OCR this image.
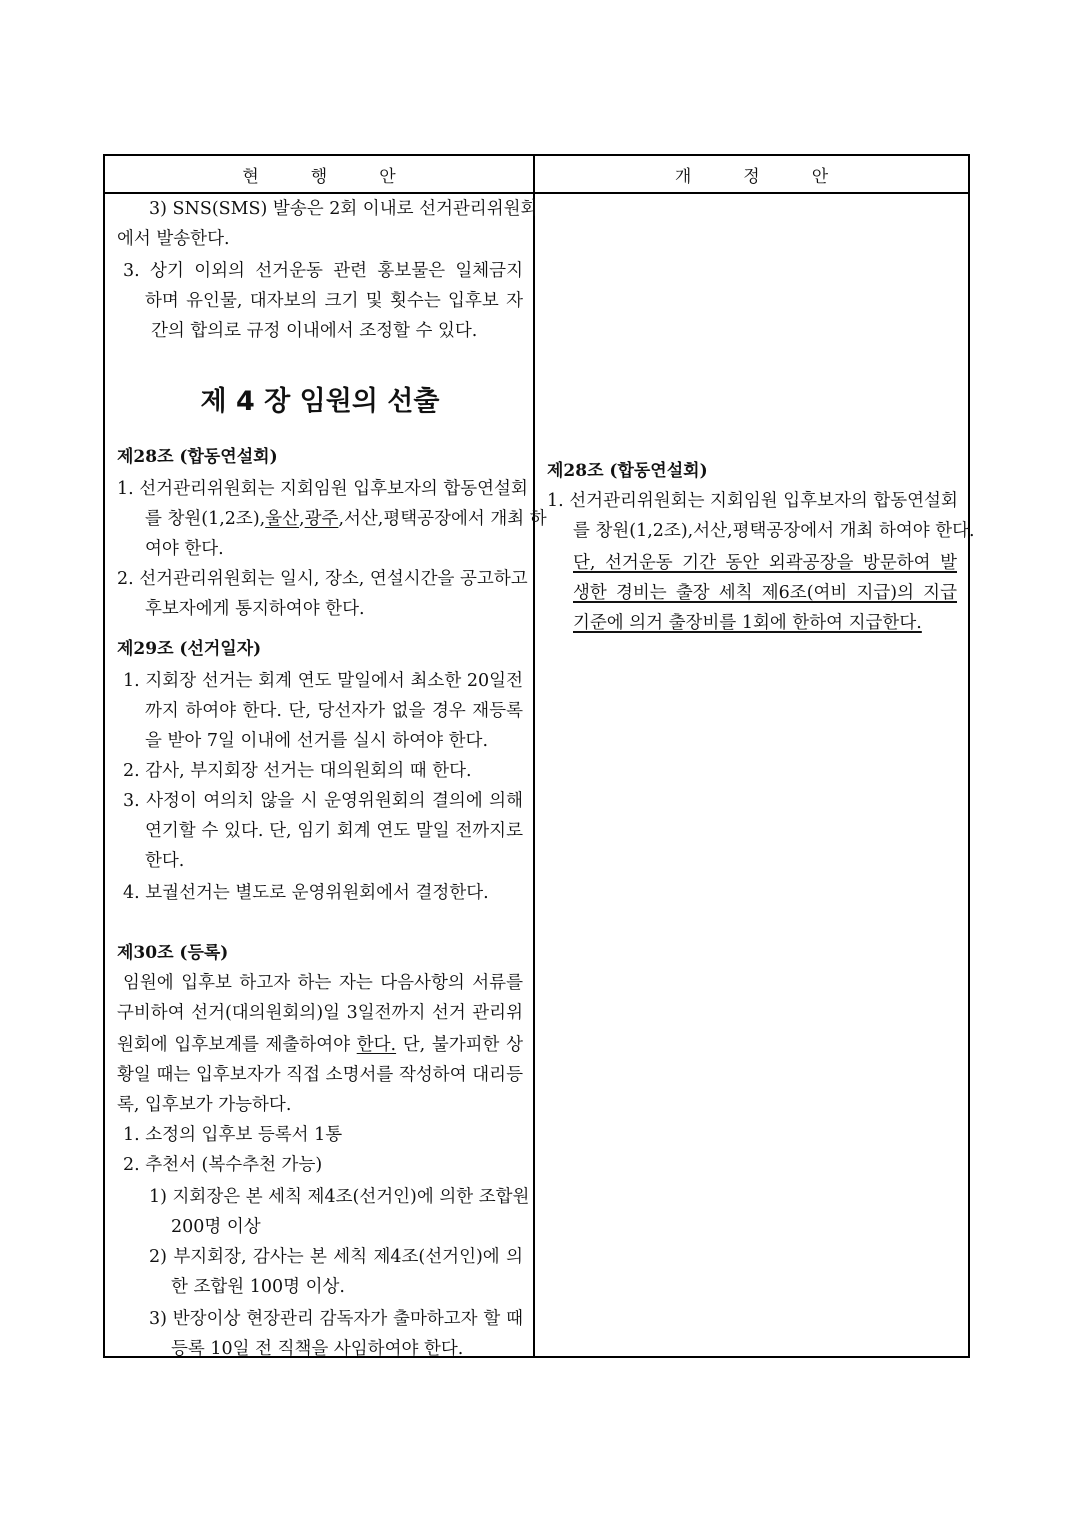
현	행	안	개	정	안
3) SNS(SMS) 발송은 2회 이내로 선거관리위원회
에서 발송한다.
3. 상기 이외의 선거운동 관련 홍보물은 일체금지
하며 유인물, 대자보의 크기 및 횟수는 입후보 자
간의 합의로 규정 이내에서 조정할 수 있다.
제 4 장 임원의 선출
제28조 (합동연설회)
1. 선거관리위원회는 지회임원 입후보자의 합동연설회
를 창원(1,2조),울산,광주,서산,평택공장에서 개최 하
여야 한다.
2. 선거관리위원회는 일시, 장소, 연설시간을 공고하고
후보자에게 통지하여야 한다.
제29조 (선거일자)
1. 지회장 선거는 회계 연도 말일에서 최소한 20일전
까지 하여야 한다. 단, 당선자가 없을 경우 재등록
을 받아 7일 이내에 선거를 실시 하여야 한다.
2. 감사, 부지회장 선거는 대의원회의 때 한다.
3. 사정이 여의치 않을 시 운영위원회의 결의에 의해
연기할 수 있다. 단, 임기 회계 연도 말일 전까지로
한다.
4. 보궐선거는 별도로 운영위원회에서 결정한다.
제30조 (등록)
임원에 입후보 하고자 하는 자는 다음사항의 서류를
구비하여 선거(대의원회의)일 3일전까지 선거 관리위
원회에 입후보계를 제출하여야 한다. 단, 불가피한 상
황일 때는 입후보자가 직접 소명서를 작성하여 대리등
록, 입후보가 가능하다.
1. 소정의 입후보 등록서 1통
2. 추천서 (복수추천 가능)
1) 지회장은 본 세칙 제4조(선거인)에 의한 조합원
200명 이상
2) 부지회장, 감사는 본 세칙 제4조(선거인)에 의
한 조합원 100명 이상.
3) 반장이상 현장관리 감독자가 출마하고자 할 때
등록 10일 전 직책을 사임하여야 한다.
제28조 (합동연설회)
1. 선거관리위원회는 지회임원 입후보자의 합동연설회
를 창원(1,2조),서산,평택공장에서 개최 하여야 한다.
단, 선거운동 기간 동안 외곽공장을 방문하여 발
생한 경비는 출장 세칙 제6조(여비 지급)의 지급
기준에 의거 출장비를 1회에 한하여 지급한다.
